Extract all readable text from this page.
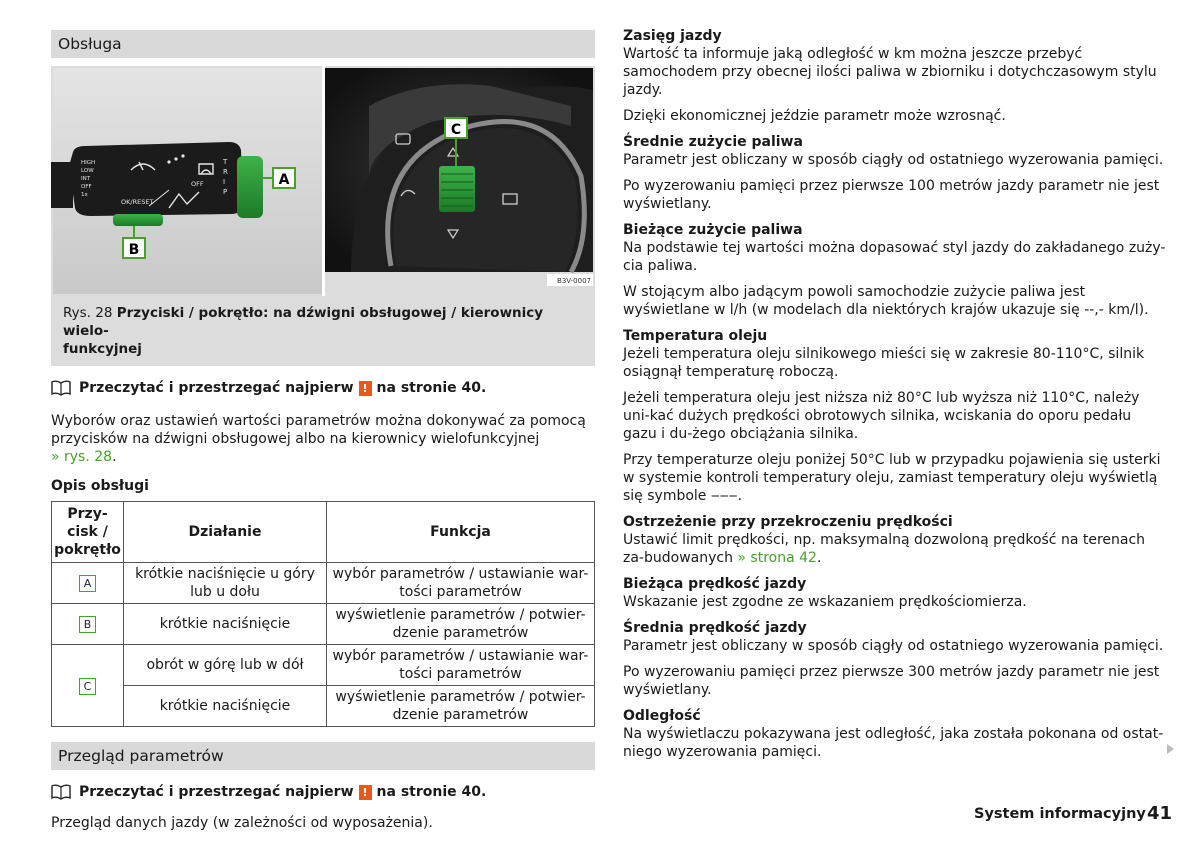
Obsługa
HIGH
LOW
INT
OFF
1x
OK/RESET
OFF
T
R
I
P
A
B
C
B3V-0007
Rys. 28 Przyciski / pokrętło: na dźwigni obsługowej / kierownicy wielo-
funkcyjnej
Przeczytać i przestrzegać najpierw ! na stronie 40.
Wyborów oraz ustawień wartości parametrów można dokonywać za pomocą
przycisków na dźwigni obsługowej albo na kierownicy wielofunkcyjnej
» rys. 28.
Opis obsługi
Przy-
cisk /
pokrętło	Działanie	Funkcja
A	krótkie naciśnięcie u góry lub u dołu	wybór parametrów / ustawianie war-tości parametrów
B	krótkie naciśnięcie	wyświetlenie parametrów / potwier-dzenie parametrów
C	obrót w górę lub w dół	wybór parametrów / ustawianie war-tości parametrów
	krótkie naciśnięcie	wyświetlenie parametrów / potwier-dzenie parametrów
Przegląd parametrów
Przeczytać i przestrzegać najpierw ! na stronie 40.
Przegląd danych jazdy (w zależności od wyposażenia).
Zasięg jazdy
Wartość ta informuje jaką odległość w km można jeszcze przebyć samochodem przy obecnej ilości paliwa w zbiorniku i dotychczasowym stylu jazdy.
Dzięki ekonomicznej jeździe parametr może wzrosnąć.
Średnie zużycie paliwa
Parametr jest obliczany w sposób ciągły od ostatniego wyzerowania pamięci.
Po wyzerowaniu pamięci przez pierwsze 100 metrów jazdy parametr nie jest wyświetlany.
Bieżące zużycie paliwa
Na podstawie tej wartości można dopasować styl jazdy do zakładanego zuży-cia paliwa.
W stojącym albo jadącym powoli samochodzie zużycie paliwa jest wyświetlane w l/h (w modelach dla niektórych krajów ukazuje się --,- km/l).
Temperatura oleju
Jeżeli temperatura oleju silnikowego mieści się w zakresie 80-110°C, silnik osiągnął temperaturę roboczą.
Jeżeli temperatura oleju jest niższa niż 80°C lub wyższa niż 110°C, należy uni-kać dużych prędkości obrotowych silnika, wciskania do oporu pedału gazu i du-żego obciążania silnika.
Przy temperaturze oleju poniżej 50°C lub w przypadku pojawienia się usterki w systemie kontroli temperatury oleju, zamiast temperatury oleju wyświetlą się symbole ‒‒‒.
Ostrzeżenie przy przekroczeniu prędkości
Ustawić limit prędkości, np. maksymalną dozwoloną prędkość na terenach za-budowanych » strona 42.
Bieżąca prędkość jazdy
Wskazanie jest zgodne ze wskazaniem prędkościomierza.
Średnia prędkość jazdy
Parametr jest obliczany w sposób ciągły od ostatniego wyzerowania pamięci.
Po wyzerowaniu pamięci przez pierwsze 300 metrów jazdy parametr nie jest wyświetlany.
Odległość
Na wyświetlaczu pokazywana jest odległość, jaka została pokonana od ostat-niego wyzerowania pamięci.
System informacyjny 41
